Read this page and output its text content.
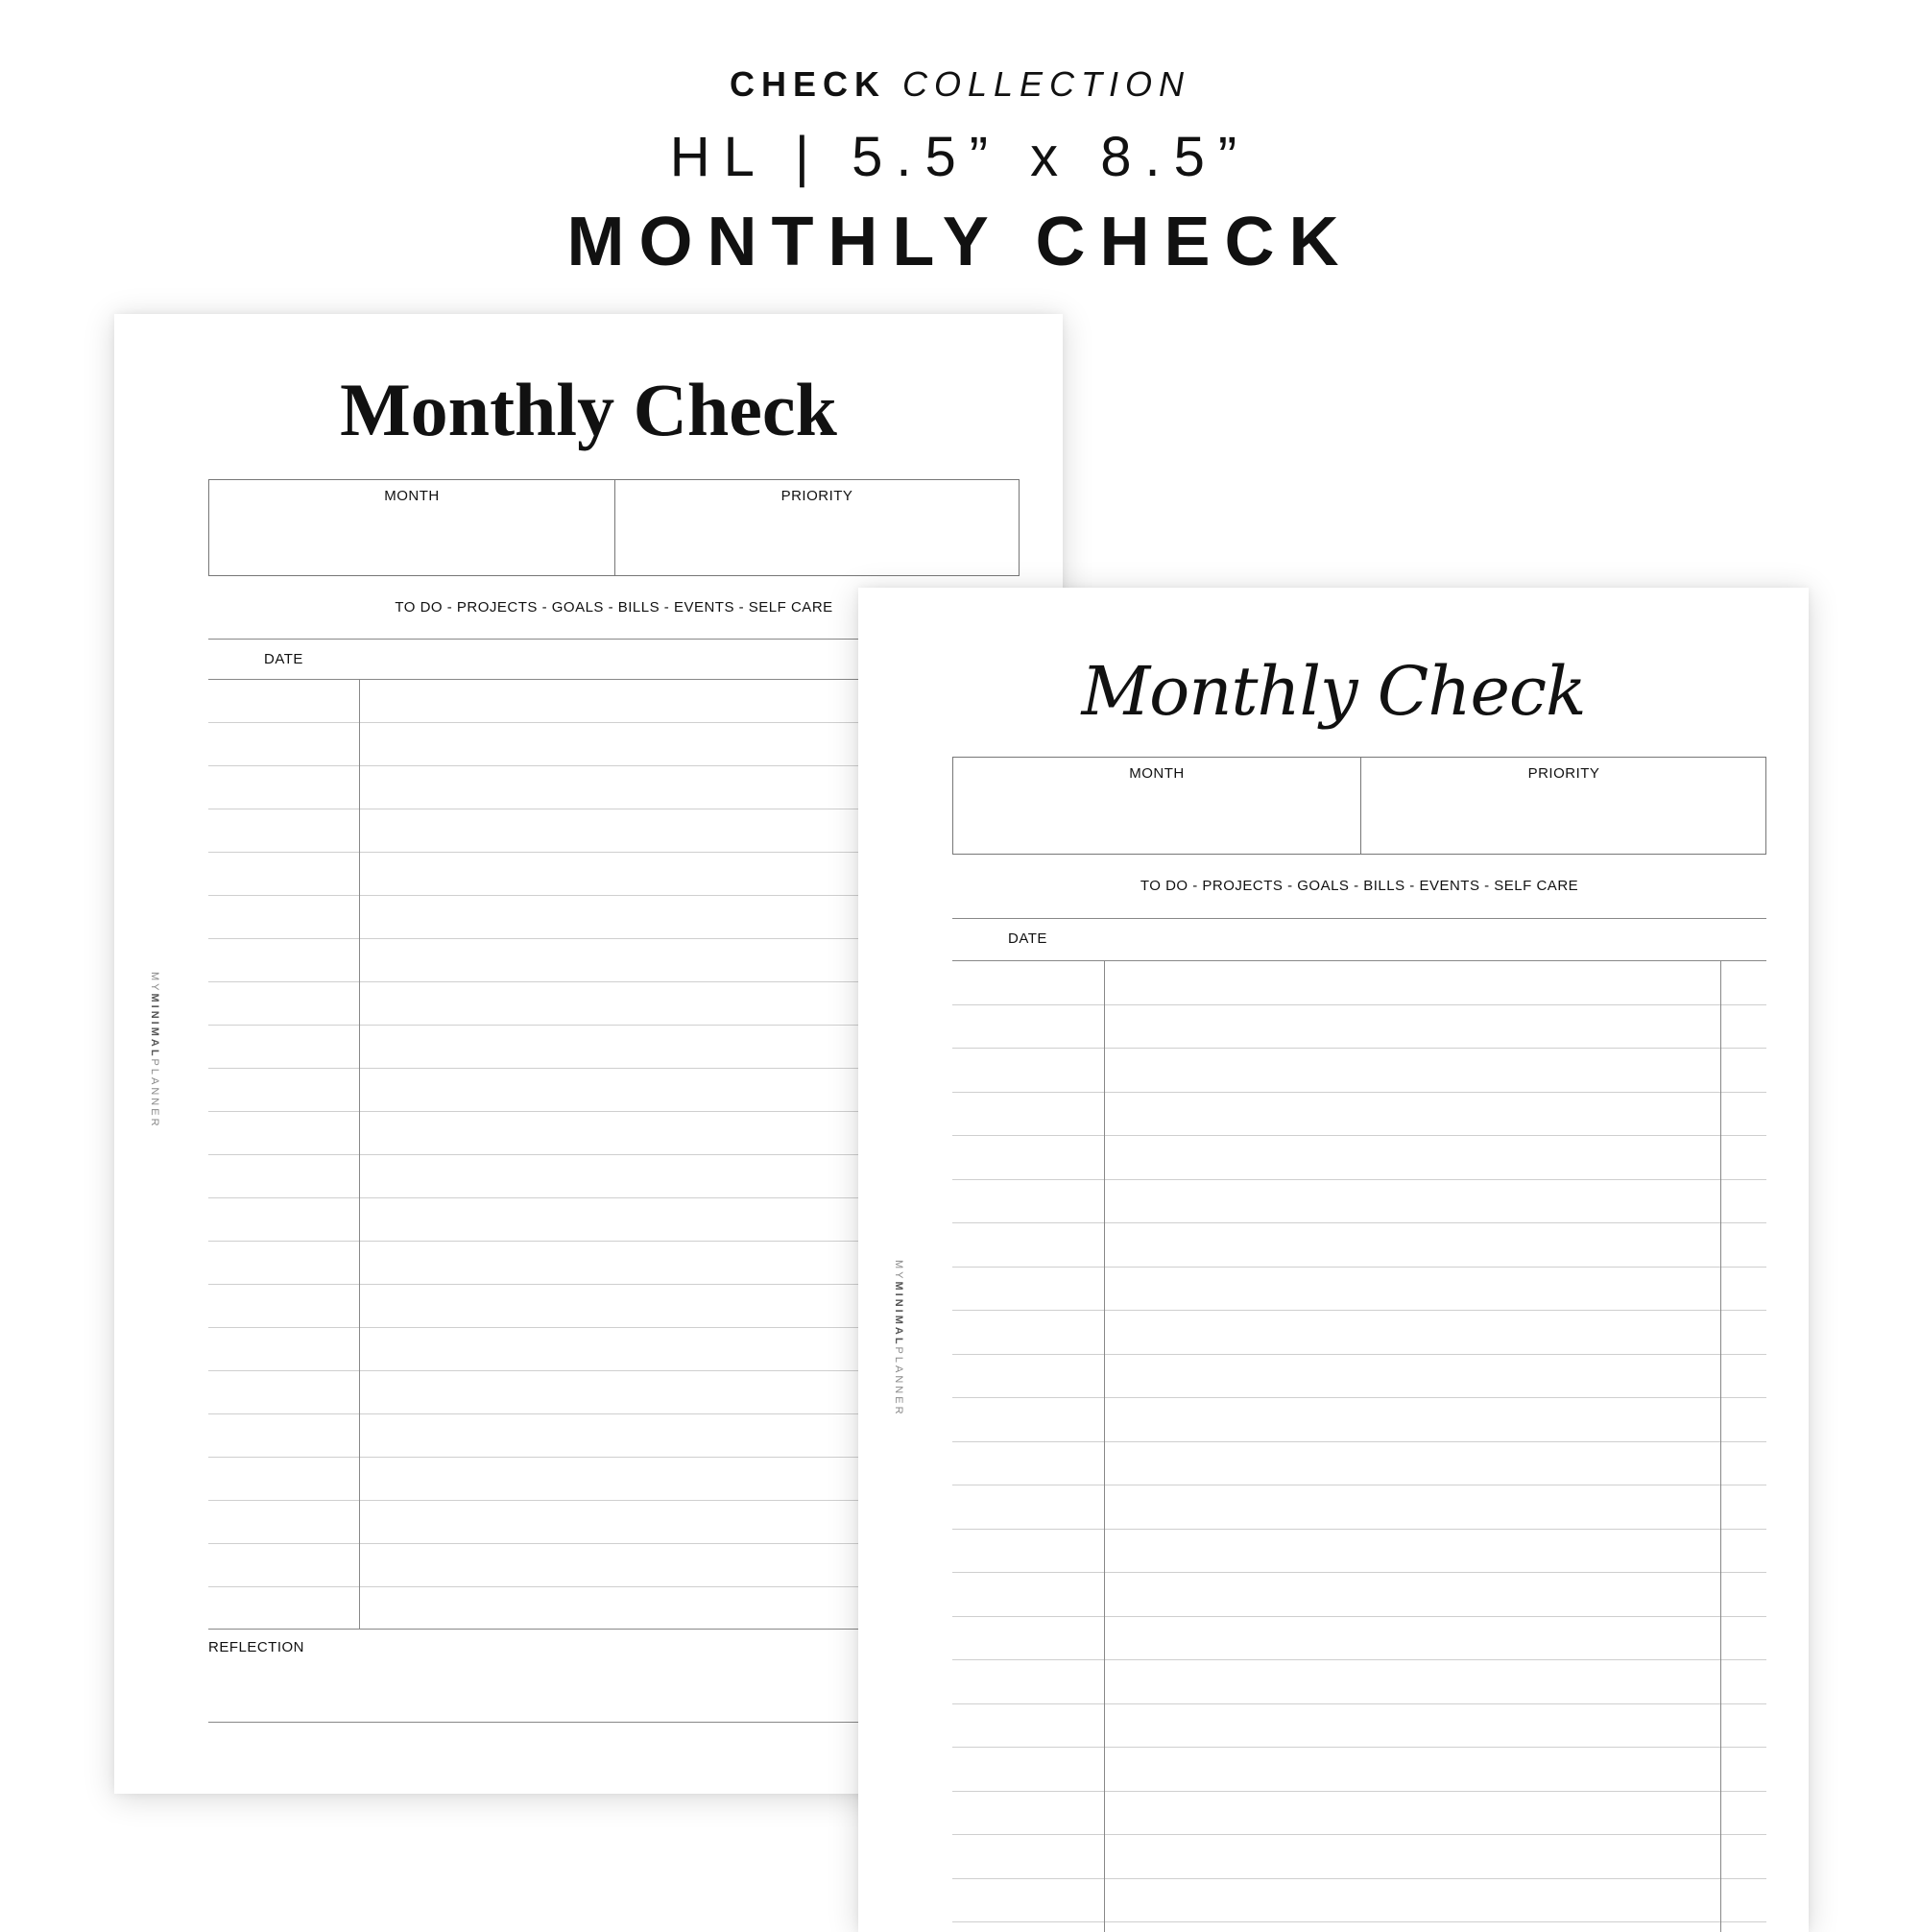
CHECK COLLECTION
HL | 5.5” x 8.5”
MONTHLY CHECK
Monthly Check
MONTH	PRIORITY
TO DO - PROJECTS - GOALS - BILLS - EVENTS - SELF CARE
DATE
REFLECTION
MYMINIMALPLANNER
Monthly Check
MONTH	PRIORITY
TO DO - PROJECTS - GOALS - BILLS - EVENTS - SELF CARE
DATE
MYMINIMALPLANNER
